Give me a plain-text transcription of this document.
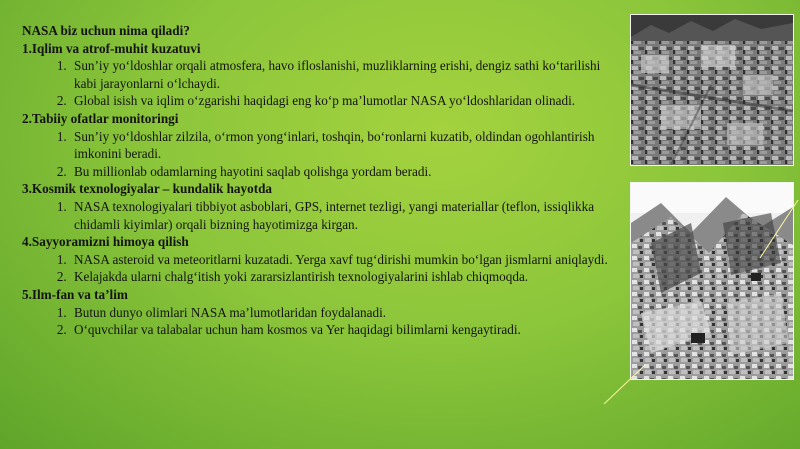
NASA biz uchun nima qiladi?
1.Iqlim va atrof-muhit kuzatuvi
1. Sun’iy yo‘ldoshlar orqali atmosfera, havo ifloslanishi, muzliklarning erishi, dengiz sathi ko‘tarilishi kabi jarayonlarni o‘lchaydi.
2. Global isish va iqlim o‘zgarishi haqidagi eng ko‘p ma’lumotlar NASA yo‘ldoshlaridan olinadi.
2.Tabiiy ofatlar monitoringi
1. Sun’iy yo‘ldoshlar zilzila, o‘rmon yong‘inlari, toshqin, bo‘ronlarni kuzatib, oldindan ogohlantirish imkonini beradi.
2. Bu millionlab odamlarning hayotini saqlab qolishga yordam beradi.
3.Kosmik texnologiyalar – kundalik hayotda
1. NASA texnologiyalari tibbiyot asboblari, GPS, internet tezligi, yangi materiallar (teflon, issiqlikka chidamli kiyimlar) orqali bizning hayotimizga kirgan.
4.Sayyoramizni himoya qilish
1. NASA asteroid va meteoritlarni kuzatadi. Yerga xavf tug‘dirishi mumkin bo‘lgan jismlarni aniqlaydi.
2. Kelajakda ularni chalg‘itish yoki zararsizlantirish texnologiyalarini ishlab chiqmoqda.
5.Ilm-fan va ta’lim
1. Butun dunyo olimlari NASA ma’lumotlaridan foydalanadi.
2. O‘quvchilar va talabalar uchun ham kosmos va Yer haqidagi bilimlarni kengaytiradi.
